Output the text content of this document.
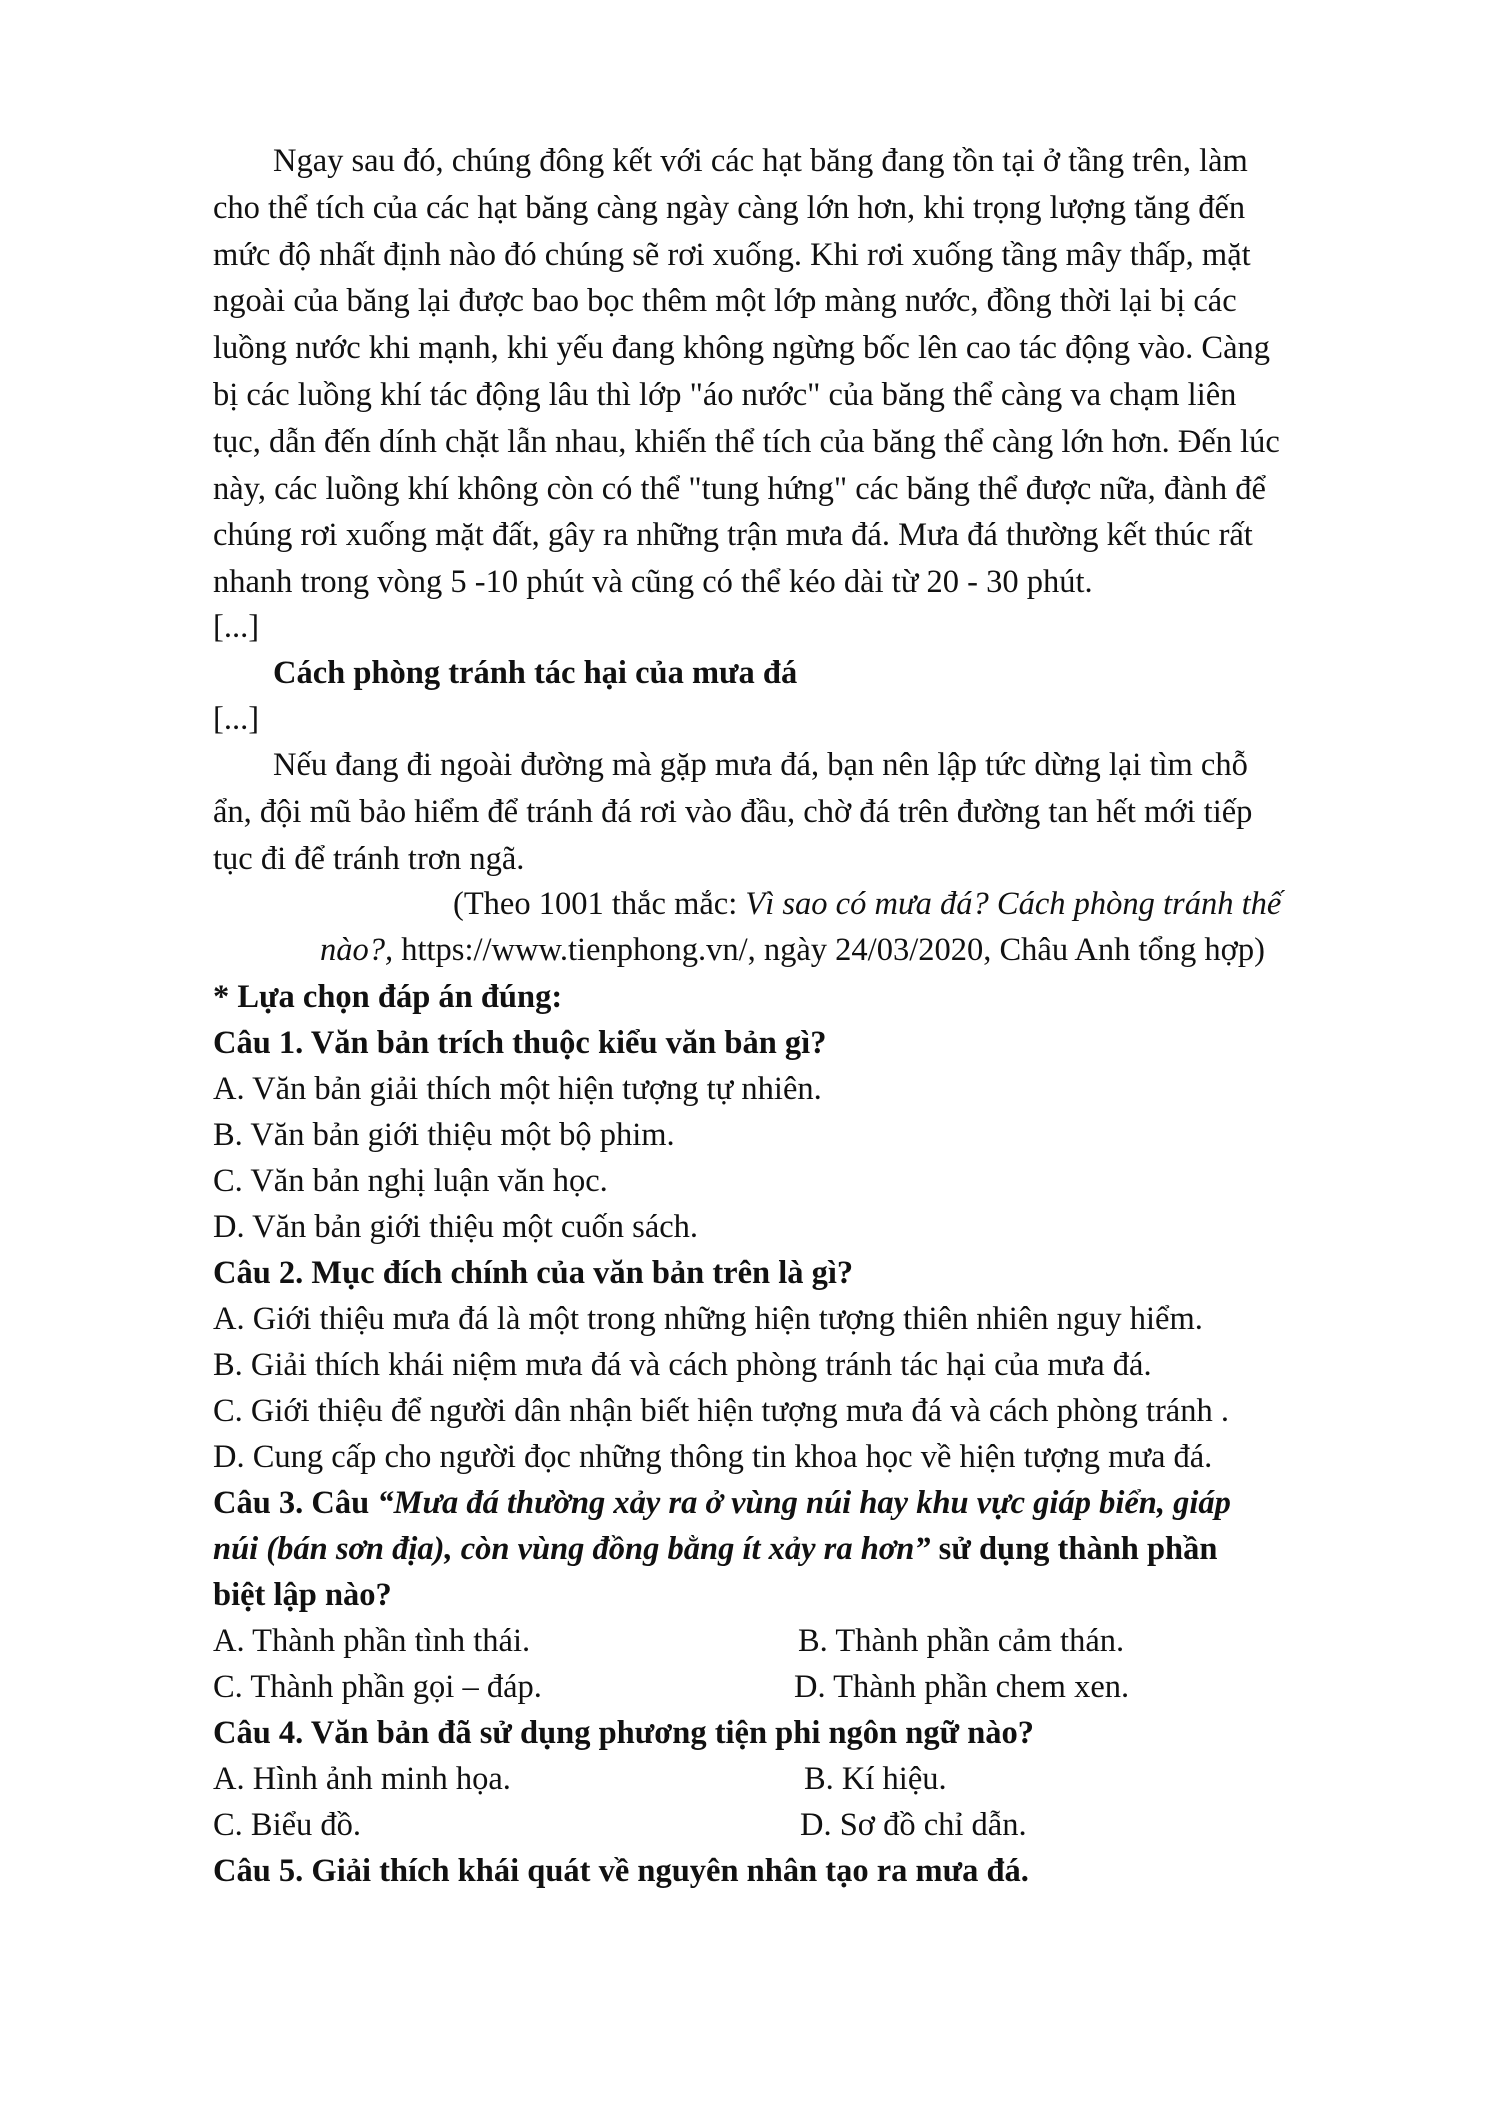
Ngay sau đó, chúng đông kết với các hạt băng đang tồn tại ở tầng trên, làm

cho thể tích của các hạt băng càng ngày càng lớn hơn, khi trọng lượng tăng đến

mức độ nhất định nào đó chúng sẽ rơi xuống. Khi rơi xuống tầng mây thấp, mặt

ngoài của băng lại được bao bọc thêm một lớp màng nước, đồng thời lại bị các

luồng nước khi mạnh, khi yếu đang không ngừng bốc lên cao tác động vào. Càng

bị các luồng khí tác động lâu thì lớp "áo nước" của băng thể càng va chạm liên

tục, dẫn đến dính chặt lẫn nhau, khiến thể tích của băng thể càng lớn hơn. Đến lúc

này, các luồng khí không còn có thể "tung hứng" các băng thể được nữa, đành để

chúng rơi xuống mặt đất, gây ra những trận mưa đá. Mưa đá thường kết thúc rất

nhanh trong vòng 5 -10 phút và cũng có thể kéo dài từ 20 - 30 phút.

[...]
Cách phòng tránh tác hại của mưa đá
[...]

Nếu đang đi ngoài đường mà gặp mưa đá, bạn nên lập tức dừng lại tìm chỗ

ẩn, đội mũ bảo hiểm để tránh đá rơi vào đầu, chờ đá trên đường tan hết mới tiếp

tục đi để tránh trơn ngã.

(Theo 1001 thắc mắc: Vì sao có mưa đá? Cách phòng tránh thế
nào?, https://www.tienphong.vn/, ngày 24/03/2020, Châu Anh tổng hợp)
* Lựa chọn đáp án đúng:
Câu 1. Văn bản trích thuộc kiểu văn bản gì?
A. Văn bản giải thích một hiện tượng tự nhiên.
B. Văn bản giới thiệu một bộ phim.
C. Văn bản nghị luận văn học.
D. Văn bản giới thiệu một cuốn sách.
Câu 2. Mục đích chính của văn bản trên là gì?
A. Giới thiệu mưa đá là một trong những hiện tượng thiên nhiên nguy hiểm.
B. Giải thích khái niệm mưa đá và cách phòng tránh tác hại của mưa đá.
C. Giới thiệu để người dân nhận biết hiện tượng mưa đá và cách phòng tránh .
D. Cung cấp cho người đọc những thông tin khoa học về hiện tượng mưa đá.
Câu 3. Câu “Mưa đá thường xảy ra ở vùng núi hay khu vực giáp biển, giáp
núi (bán sơn địa), còn vùng đồng bằng ít xảy ra hơn” sử dụng thành phần
biệt lập nào?
A. Thành phần tình thái.	B. Thành phần cảm thán.
C. Thành phần gọi – đáp.	D. Thành phần chem xen.
Câu 4. Văn bản đã sử dụng phương tiện phi ngôn ngữ nào?
A. Hình ảnh minh họa.	B. Kí hiệu.
C. Biểu đồ.	D. Sơ đồ chỉ dẫn.
Câu 5. Giải thích khái quát về nguyên nhân tạo ra mưa đá.
